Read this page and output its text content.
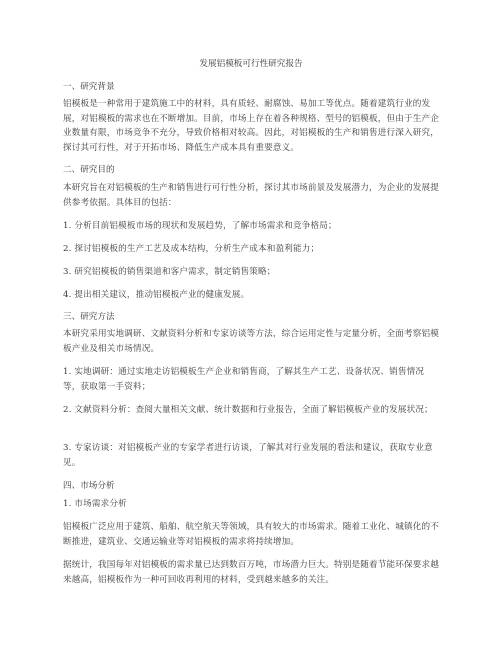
发展铝模板可行性研究报告
一、研究背景
铝模板是一种常用于建筑施工中的材料，具有质轻、耐腐蚀、易加工等优点。随着建筑行业的发展，对铝模板的需求也在不断增加。目前，市场上存在着各种规格、型号的铝模板，但由于生产企业数量有限，市场竞争不充分，导致价格相对较高。因此，对铝模板的生产和销售进行深入研究，探讨其可行性，对于开拓市场、降低生产成本具有重要意义。
二、研究目的
本研究旨在对铝模板的生产和销售进行可行性分析，探讨其市场前景及发展潜力，为企业的发展提供参考依据。具体目的包括：
1. 分析目前铝模板市场的现状和发展趋势，了解市场需求和竞争格局；
2. 探讨铝模板的生产工艺及成本结构，分析生产成本和盈利能力；
3. 研究铝模板的销售渠道和客户需求，制定销售策略；
4. 提出相关建议，推动铝模板产业的健康发展。
三、研究方法
本研究采用实地调研、文献资料分析和专家访谈等方法，综合运用定性与定量分析，全面考察铝模板产业及相关市场情况。
1. 实地调研：通过实地走访铝模板生产企业和销售商，了解其生产工艺、设备状况、销售情况等，获取第一手资料；
2. 文献资料分析：查阅大量相关文献、统计数据和行业报告，全面了解铝模板产业的发展状况；
3. 专家访谈：对铝模板产业的专家学者进行访谈，了解其对行业发展的看法和建议，获取专业意见。
四、市场分析
1. 市场需求分析
铝模板广泛应用于建筑、船舶、航空航天等领域，具有较大的市场需求。随着工业化、城镇化的不断推进，建筑业、交通运输业等对铝模板的需求将持续增加。
据统计，我国每年对铝模板的需求量已达到数百万吨，市场潜力巨大。特别是随着节能环保要求越来越高，铝模板作为一种可回收再利用的材料，受到越来越多的关注。
